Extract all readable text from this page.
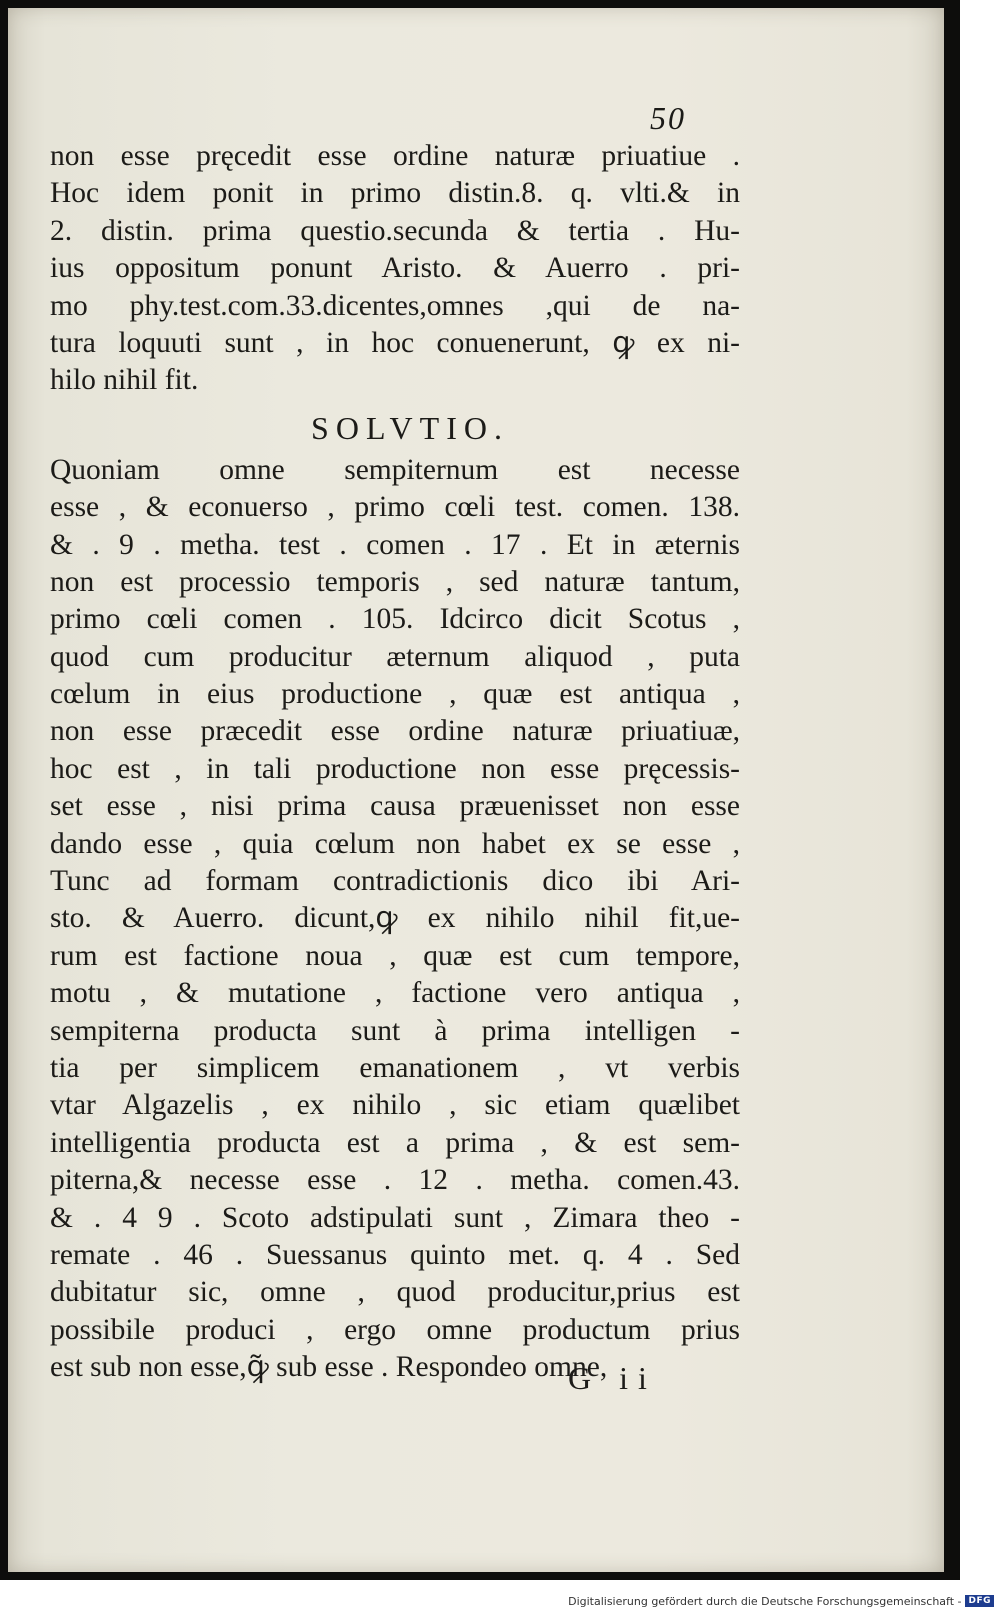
50
non esse pręcedit esse ordine naturæ priuatiue .
Hoc idem ponit in primo distin.8. q. vlti.& in
2. distin. prima questio.secunda & tertia . Hu-
ius oppositum ponunt Aristo. & Auerro . pri-
mo phy.test.com.33.dicentes,omnes ,qui de na-
tura loquuti sunt , in hoc conuenerunt, ꝙ ex ni-
hilo nihil fit.
SOLVTIO.
Quoniam omne sempiternum est necesse
esse , & econuerso , primo cœli test. comen. 138.
& . 9 . metha. test . comen . 17 . Et in æternis
non est processio temporis , sed naturæ tantum,
primo cœli comen . 105. Idcirco dicit Scotus ,
quod cum producitur æternum aliquod , puta
cœlum in eius productione , quæ est antiqua ,
non esse præcedit esse ordine naturæ priuatiuæ,
hoc est , in tali productione non esse pręcessis-
set esse , nisi prima causa præuenisset non esse
dando esse , quia cœlum non habet ex se esse ,
Tunc ad formam contradictionis dico ibi Ari-
sto. & Auerro. dicunt,ꝙ ex nihilo nihil fit,ue-
rum est factione noua , quæ est cum tempore,
motu , & mutatione , factione vero antiqua ,
sempiterna producta sunt à prima intelligen -
tia per simplicem emanationem , vt verbis
vtar Algazelis , ex nihilo , sic etiam quælibet
intelligentia producta est a prima , & est sem-
piterna,& necesse esse . 12 . metha. comen.43.
& . 4 9 . Scoto adstipulati sunt , Zimara theo -
remate . 46 . Suessanus quinto met. q. 4 . Sed
dubitatur sic, omne , quod producitur,prius est
possibile produci , ergo omne productum prius
est sub non esse,ꝙ̃ sub esse . Respondeo omne,
G ii
Digitalisierung gefördert durch die Deutsche Forschungsgemeinschaft - DFG
